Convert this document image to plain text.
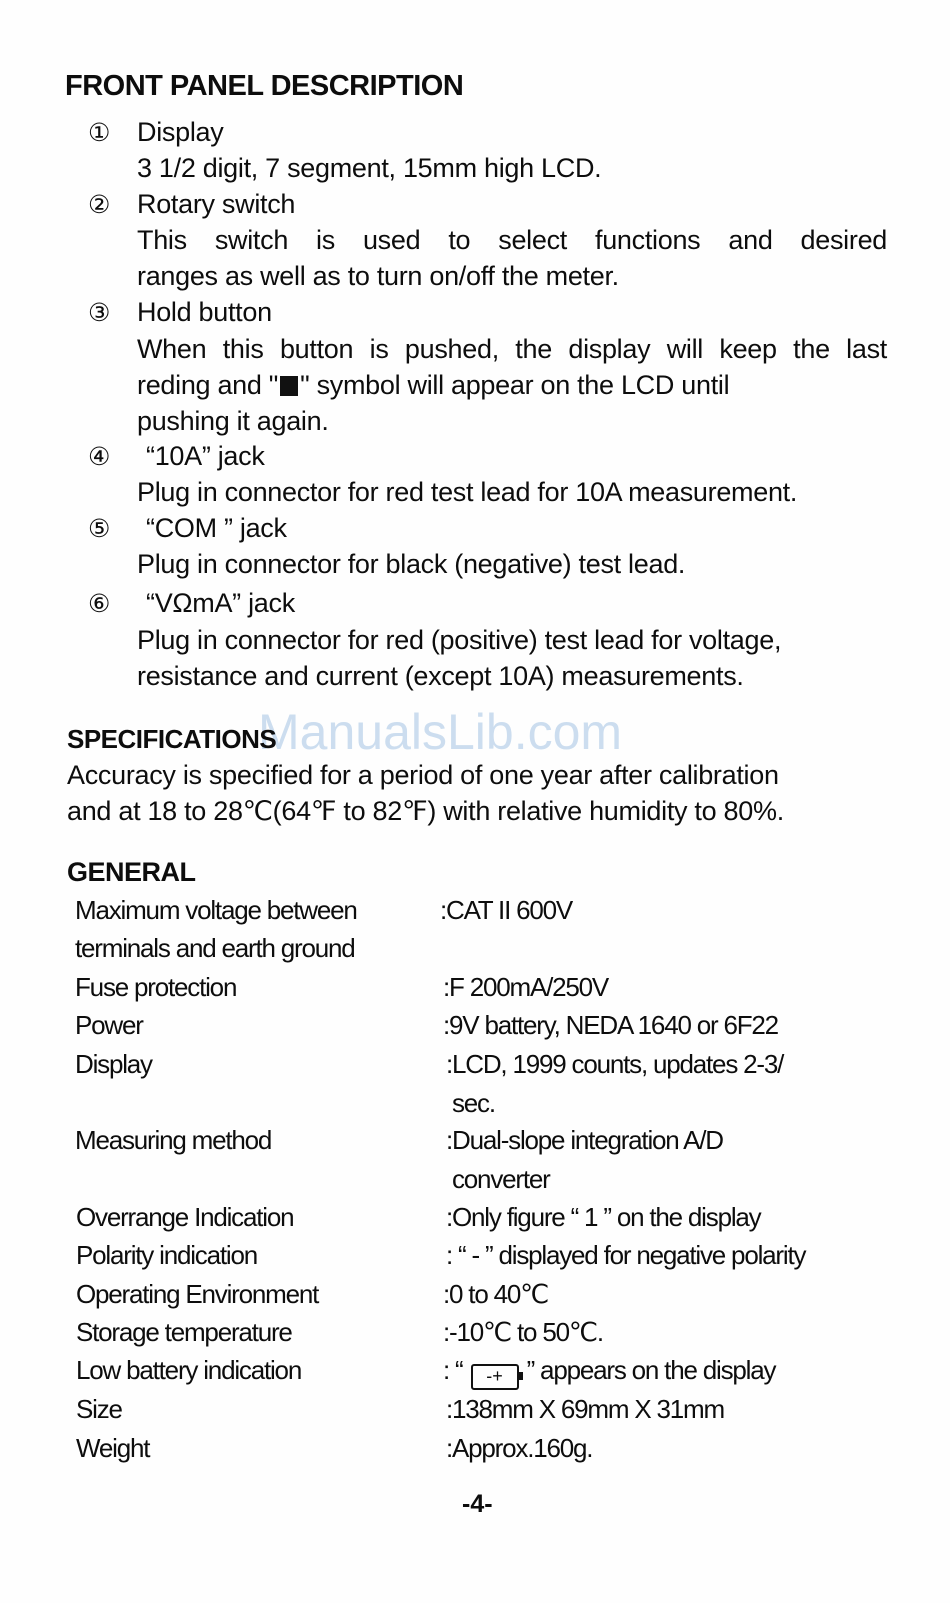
FRONT PANEL DESCRIPTION
① Display
3 1/2 digit, 7 segment, 15mm high LCD.
② Rotary switch
This switch is used to select functions and desired
ranges as well as to turn on/off the meter.
③ Hold button
When this button is pushed, the display will keep the last
reding and " " symbol will appear on the LCD until
pushing it again.
④ “10A” jack
Plug in connector for red test lead for 10A measurement.
⑤ “COM ” jack
Plug in connector for black (negative) test lead.
⑥ “VΩmA” jack
Plug in connector for red (positive) test lead for voltage,
resistance and current (except 10A) measurements.
ManualsLib.com
SPECIFICATIONS
Accuracy is specified for a period of one year after calibration
and at 18 to 28℃(64℉ to 82℉) with relative humidity to 80%.
GENERAL
Maximum voltage between	:CAT II 600V
terminals and earth ground
Fuse protection	:F 200mA/250V
Power	:9V battery, NEDA 1640 or 6F22
Display	:LCD, 1999 counts, updates 2-3/
sec.
Measuring method	:Dual-slope integration A/D
converter
Overrange Indication	:Only figure “ 1 ” on the display
Polarity indication	: “ - ” displayed for negative polarity
Operating Environment	:0 to 40℃
Storage temperature	:-10℃ to 50℃.
Low battery indication	: “ -+ ” appears on the display
Size	:138mm X 69mm X 31mm
Weight	:Approx.160g.
-4-
